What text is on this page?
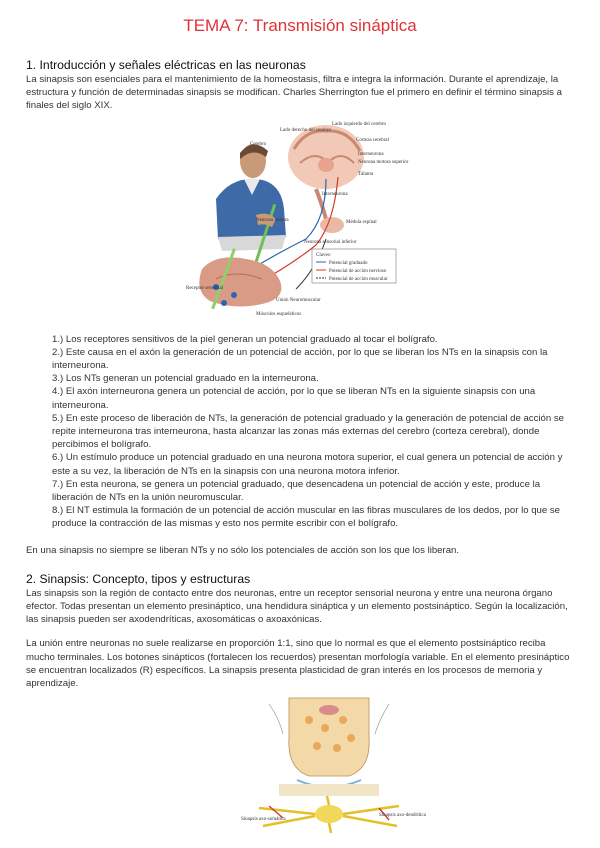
TEMA 7: Transmisión sináptica
1. Introducción y señales eléctricas en las neuronas

La sinapsis son esenciales para el mantenimiento de la homeostasis, filtra e integra la información. Durante el aprendizaje, la estructura y función de determinadas sinapsis se modifican. Charles Sherrington fue el primero en definir el término sinapsis a finales del siglo XIX.

Lado derecho del cerebro
Lado izquierdo del cerebro
Corteza cerebral
Cerebro
Interneurona
Neurona motora superior
Tálamo
Interneurona
Médula espinal
Neurona motora
Neurona sensorial inferior
Receptor sensorial
Unión Neuromuscular
Músculos esqueléticos
Claves:
Potencial graduado
Potencial de acción nervioso
Potencial de acción muscular
1.) Los receptores sensitivos de la piel generan un potencial graduado al tocar el bolígrafo.
2.) Este causa en el axón la generación de un potencial de acción, por lo que se liberan los NTs en la sinapsis con la interneurona.
3.) Los NTs generan un potencial graduado en la interneurona.
4.) El axón interneurona genera un potencial de acción, por lo que se liberan NTs en la siguiente sinapsis con una interneurona.
5.) En este proceso de liberación de NTs, la generación de potencial graduado y la generación de potencial de acción se repite interneurona tras interneurona, hasta alcanzar las zonas más externas del cerebro (corteza cerebral), donde percibimos el bolígrafo.
6.) Un estímulo produce un potencial graduado en una neurona motora superior, el cual genera un potencial de acción y este a su vez, la liberación de NTs en la sinapsis con una neurona motora inferior.
7.) En esta neurona, se genera un potencial graduado, que desencadena un potencial de acción y este, produce la liberación de NTs en la unión neuromuscular.
8.) El NT estimula la formación de un potencial de acción muscular en las fibras musculares de los dedos, por lo que se produce la contracción de las mismas y esto nos permite escribir con el bolígrafo.

En una sinapsis no siempre se liberan NTs y no sólo los potenciales de acción son los que los liberan.

2. Sinapsis: Concepto, tipos y estructuras

Las sinapsis son la región de contacto entre dos neuronas, entre un receptor sensorial neurona y entre una neurona órgano efector. Todas presentan un elemento presináptico, una hendidura sináptica y un elemento postsináptico. Según la localización, las sinapsis pueden ser axodendríticas, axosomáticas o axoaxónicas.

La unión entre neuronas no suele realizarse en proporción 1:1, sino que lo normal es que el elemento postsináptico reciba mucho terminales. Los botones sinápticos (fortalecen los recuerdos) presentan morfología variable. En el elemento presináptico se encuentran localizados (R) específicos. La sinapsis presenta plasticidad de gran interés en los procesos de memoria y aprendizaje.

Sinapsis axo-somática
Sinapsis axo-dendrítica
